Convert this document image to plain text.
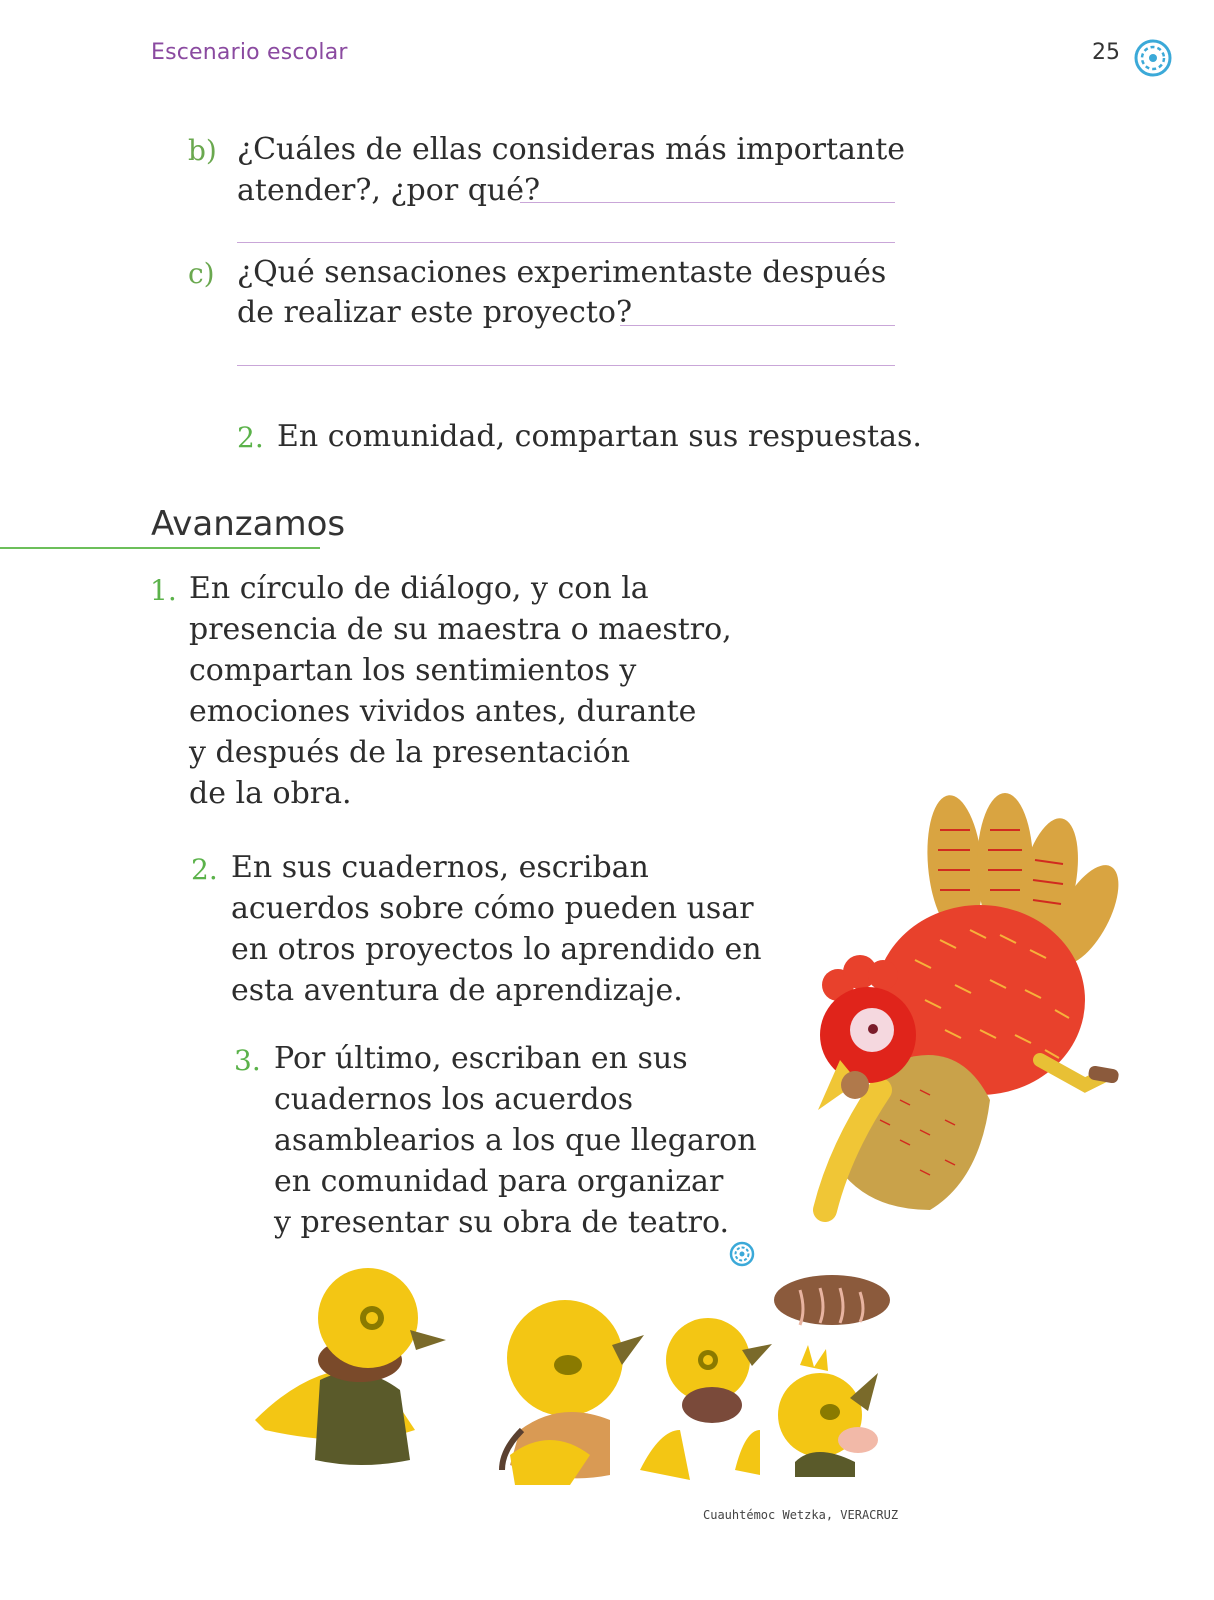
Escenario escolar	25
b) ¿Cuáles de ellas consideras más importante
atender?, ¿por qué?
c) ¿Qué sensaciones experimentaste después
de realizar este proyecto?
2. En comunidad, compartan sus respuestas.
Avanzamos
1. En círculo de diálogo, y con la
presencia de su maestra o maestro,
compartan los sentimientos y
emociones vividos antes, durante
y después de la presentación
de la obra.
2. En sus cuadernos, escriban
acuerdos sobre cómo pueden usar
en otros proyectos lo aprendido en
esta aventura de aprendizaje.
3. Por último, escriban en sus
cuadernos los acuerdos
asamblearios a los que llegaron
en comunidad para organizar
y presentar su obra de teatro.
Cuauhtémoc Wetzka, VERACRUZ
